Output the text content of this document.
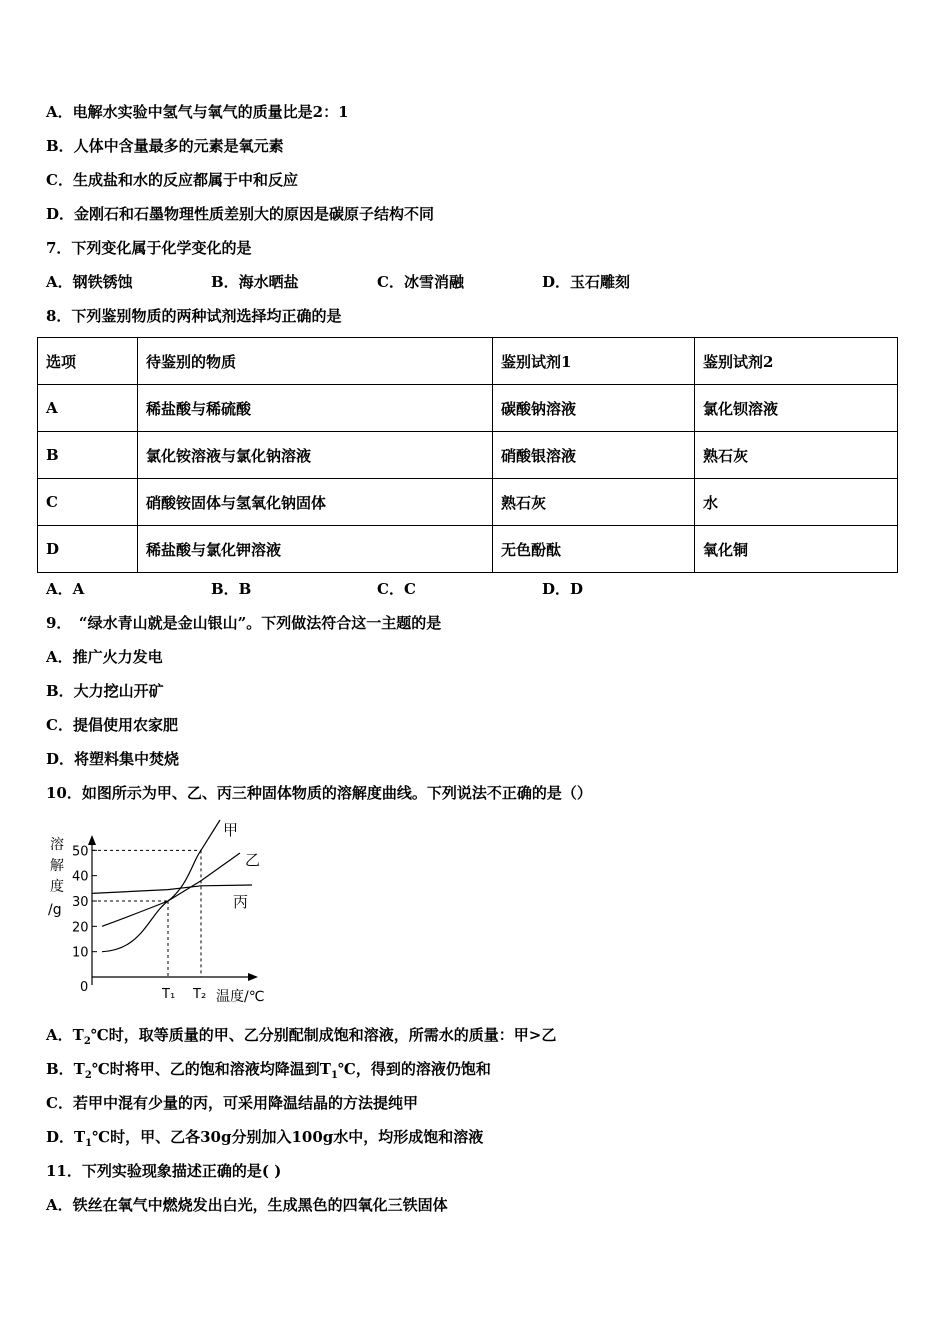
A．电解水实验中氢气与氧气的质量比是2：1
B．人体中含量最多的元素是氧元素
C．生成盐和水的反应都属于中和反应
D．金刚石和石墨物理性质差别大的原因是碳原子结构不同
7．下列变化属于化学变化的是
A．钢铁锈蚀	B．海水晒盐	C．冰雪消融	D．玉石雕刻
8．下列鉴别物质的两种试剂选择均正确的是
选项	待鉴别的物质	鉴别试剂1	鉴别试剂2
A	稀盐酸与稀硫酸	碳酸钠溶液	氯化钡溶液
B	氯化铵溶液与氯化钠溶液	硝酸银溶液	熟石灰
C	硝酸铵固体与氢氧化钠固体	熟石灰	水
D	稀盐酸与氯化钾溶液	无色酚酞	氧化铜
A．A	B．B	C．C	D．D
9．　“绿水青山就是金山银山”。下列做法符合这一主题的是
A．推广火力发电
B．大力挖山开矿
C．提倡使用农家肥
D．将塑料集中焚烧
10．如图所示为甲、乙、丙三种固体物质的溶解度曲线。下列说法不正确的是（）
溶
解
度
/g
10
20
30
40
50
0	T₁ T₂ 温度/℃
甲
乙
丙
A．$T_2℃$时，取等质量的甲、乙分别配制成饱和溶液，所需水的质量：甲>乙
B．$T_2℃$时将甲、乙的饱和溶液均降温到$T_1℃$，得到的溶液仍饱和
C．若甲中混有少量的丙，可采用降温结晶的方法提纯甲
D．$T_1℃$时，甲、乙各30g分别加入100g水中，均形成饱和溶液
11．下列实验现象描述正确的是( )
A．铁丝在氧气中燃烧发出白光，生成黑色的四氧化三铁固体
